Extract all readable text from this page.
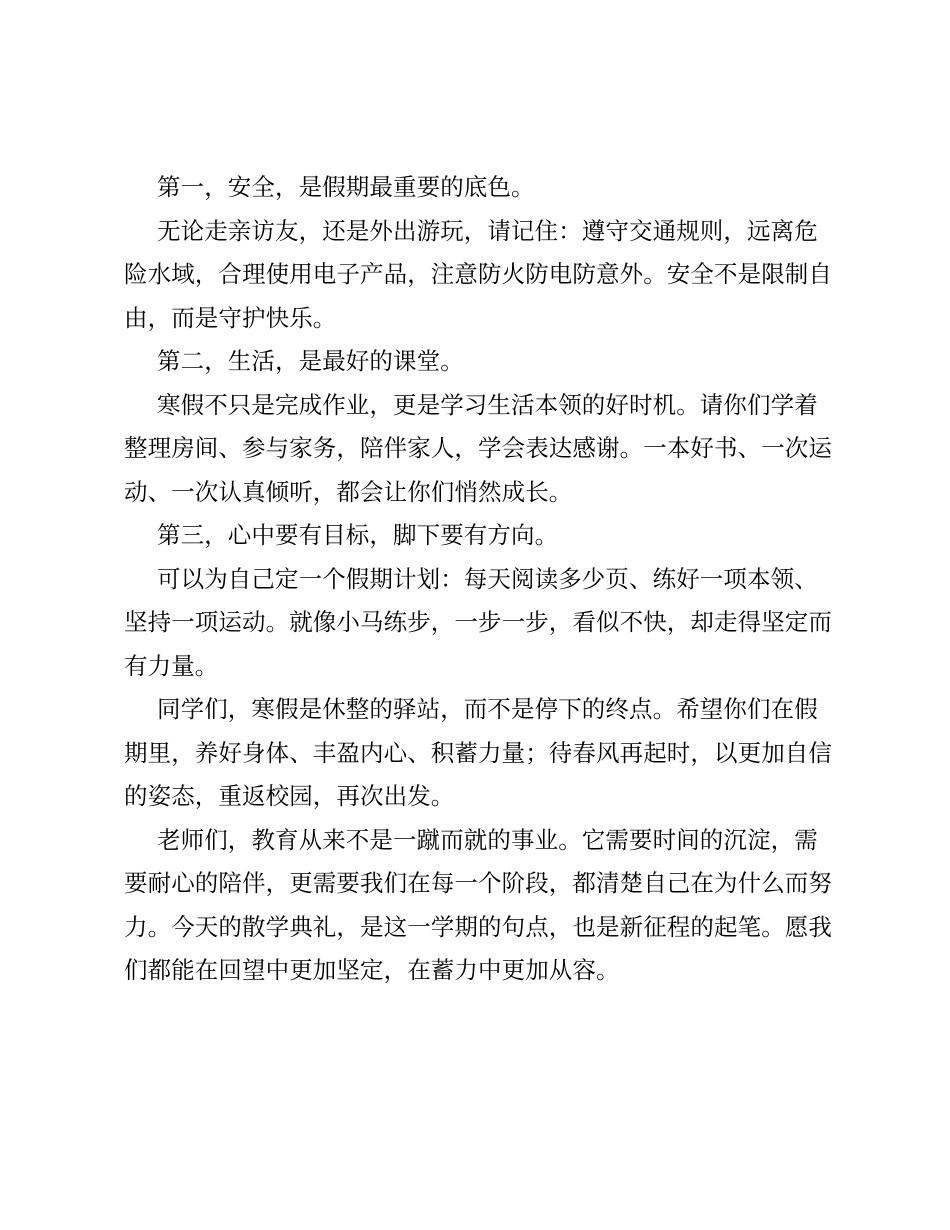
第一，安全，是假期最重要的底色。

无论走亲访友，还是外出游玩，请记住：遵守交通规则，远离危险水域，合理使用电子产品，注意防火防电防意外。安全不是限制自由，而是守护快乐。

第二，生活，是最好的课堂。

寒假不只是完成作业，更是学习生活本领的好时机。请你们学着整理房间、参与家务，陪伴家人，学会表达感谢。一本好书、一次运动、一次认真倾听，都会让你们悄然成长。

第三，心中要有目标，脚下要有方向。

可以为自己定一个假期计划：每天阅读多少页、练好一项本领、坚持一项运动。就像小马练步，一步一步，看似不快，却走得坚定而有力量。

同学们，寒假是休整的驿站，而不是停下的终点。希望你们在假期里，养好身体、丰盈内心、积蓄力量；待春风再起时，以更加自信的姿态，重返校园，再次出发。

老师们，教育从来不是一蹴而就的事业。它需要时间的沉淀，需要耐心的陪伴，更需要我们在每一个阶段，都清楚自己在为什么而努力。今天的散学典礼，是这一学期的句点，也是新征程的起笔。愿我们都能在回望中更加坚定，在蓄力中更加从容。
